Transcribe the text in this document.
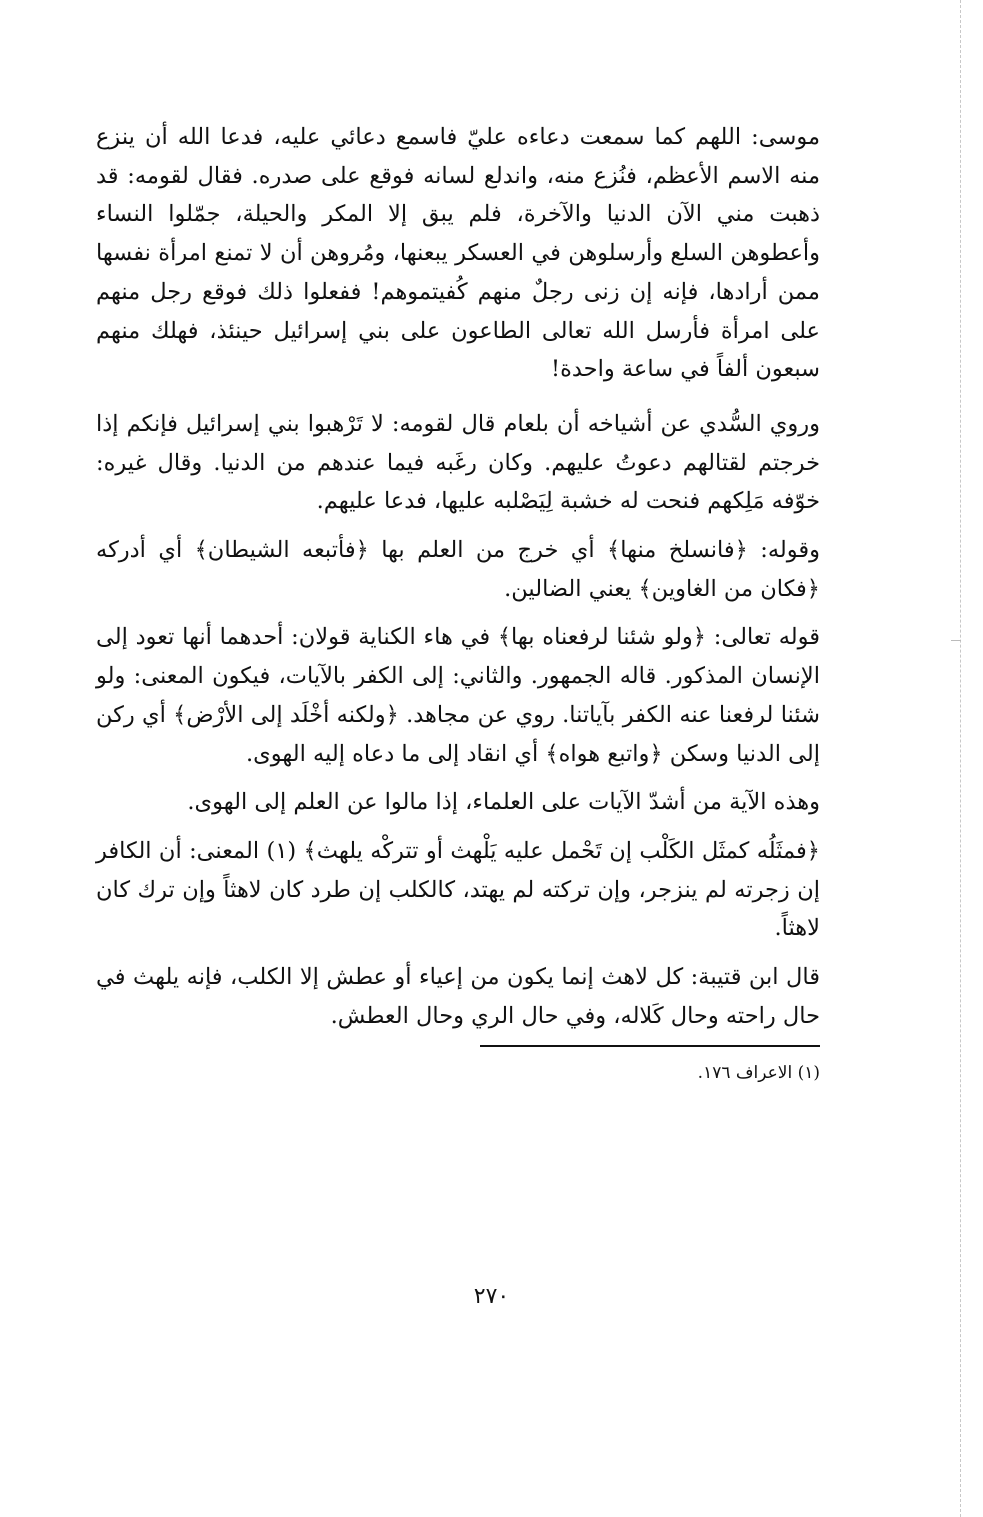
موسى: اللهم كما سمعت دعاءه عليّ فاسمع دعائي عليه، فدعا الله أن ينزع منه الاسم الأعظم، فنُزع منه، واندلع لسانه فوقع على صدره. فقال لقومه: قد ذهبت مني الآن الدنيا والآخرة، فلم يبق إلا المكر والحيلة، جمّلوا النساء وأعطوهن السلع وأرسلوهن في العسكر يبعنها، ومُروهن أن لا تمنع امرأة نفسها ممن أرادها، فإنه إن زنى رجلٌ منهم كُفيتموهم! ففعلوا ذلك فوقع رجل منهم على امرأة فأرسل الله تعالى الطاعون على بني إسرائيل حينئذ، فهلك منهم سبعون ألفاً في ساعة واحدة!

وروي السُّدي عن أشياخه أن بلعام قال لقومه: لا تَرْهبوا بني إسرائيل فإنكم إذا خرجتم لقتالهم دعوتُ عليهم. وكان رغَبه فيما عندهم من الدنيا. وقال غيره: خوّفه مَلِكهم فنحت له خشبة لِيَصْلبه عليها، فدعا عليهم.

وقوله: ﴿فانسلخ منها﴾ أي خرج من العلم بها ﴿فأتبعه الشيطان﴾ أي أدركه ﴿فكان من الغاوين﴾ يعني الضالين.

قوله تعالى: ﴿ولو شئنا لرفعناه بها﴾ في هاء الكناية قولان: أحدهما أنها تعود إلى الإنسان المذكور. قاله الجمهور. والثاني: إلى الكفر بالآيات، فيكون المعنى: ولو شئنا لرفعنا عنه الكفر بآياتنا. روي عن مجاهد. ﴿ولكنه أخْلَد إلى الأرْض﴾ أي ركن إلى الدنيا وسكن ﴿واتبع هواه﴾ أي انقاد إلى ما دعاه إليه الهوى.

وهذه الآية من أشدّ الآيات على العلماء، إذا مالوا عن العلم إلى الهوى.

﴿فمثَلُه كمثَل الكَلْب إن تَحْمل عليه يَلْهث أو تتركْه يلهث﴾ (١) المعنى: أن الكافر إن زجرته لم ينزجر، وإن تركته لم يهتد، كالكلب إن طرد كان لاهثاً وإن ترك كان لاهثاً.

قال ابن قتيبة: كل لاهث إنما يكون من إعياء أو عطش إلا الكلب، فإنه يلهث في حال راحته وحال كَلاله، وفي حال الري وحال العطش.

(١) الاعراف ١٧٦.

٢٧٠
